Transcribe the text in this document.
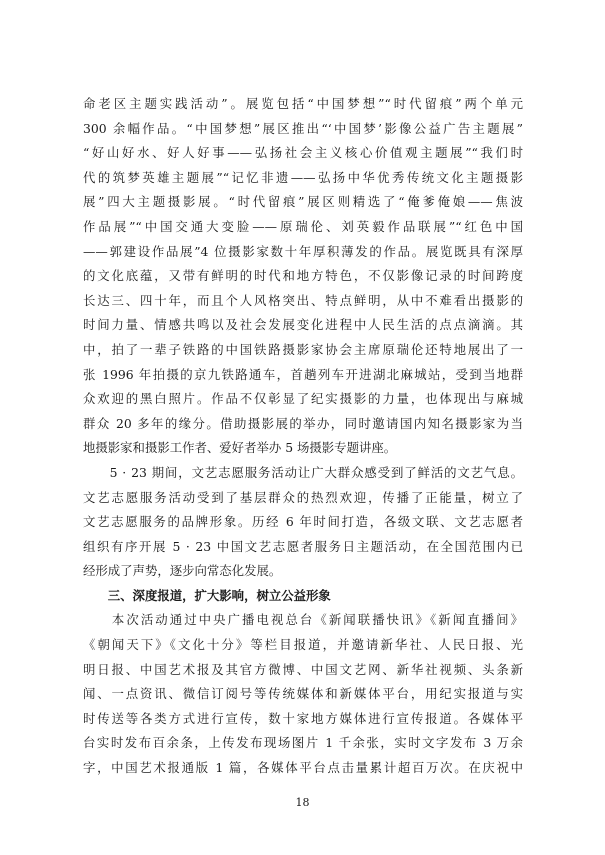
命老区主题实践活动”。展览包括“中国梦想”“时代留痕”两个单元
300 余幅作品。“中国梦想”展区推出“‘中国梦’影像公益广告主题展”
“好山好水、好人好事——弘扬社会主义核心价值观主题展”“我们时
代的筑梦英雄主题展”“记忆非遗——弘扬中华优秀传统文化主题摄影
展”四大主题摄影展。“时代留痕”展区则精选了“俺爹俺娘——焦波
作品展”“中国交通大变脸——原瑞伦、刘英毅作品联展”“红色中国
——郭建设作品展”4 位摄影家数十年厚积薄发的作品。展览既具有深厚
的文化底蕴，又带有鲜明的时代和地方特色，不仅影像记录的时间跨度
长达三、四十年，而且个人风格突出、特点鲜明，从中不难看出摄影的
时间力量、情感共鸣以及社会发展变化进程中人民生活的点点滴滴。其
中，拍了一辈子铁路的中国铁路摄影家协会主席原瑞伦还特地展出了一
张 1996 年拍摄的京九铁路通车，首趟列车开进湖北麻城站，受到当地群
众欢迎的黑白照片。作品不仅彰显了纪实摄影的力量，也体现出与麻城
群众 20 多年的缘分。借助摄影展的举办，同时邀请国内知名摄影家为当
地摄影家和摄影工作者、爱好者举办 5 场摄影专题讲座。
　　5 · 23 期间，文艺志愿服务活动让广大群众感受到了鲜活的文艺气息。
文艺志愿服务活动受到了基层群众的热烈欢迎，传播了正能量，树立了
文艺志愿服务的品牌形象。历经 6 年时间打造，各级文联、文艺志愿者
组织有序开展 5 · 23 中国文艺志愿者服务日主题活动，在全国范围内已
经形成了声势，逐步向常态化发展。
　　三、深度报道，扩大影响，树立公益形象
　　本次活动通过中央广播电视总台《新闻联播快讯》《新闻直播间》
《朝闻天下》《文化十分》等栏目报道，并邀请新华社、人民日报、光
明日报、中国艺术报及其官方微博、中国文艺网、新华社视频、头条新
闻、一点资讯、微信订阅号等传统媒体和新媒体平台，用纪实报道与实
时传送等各类方式进行宣传，数十家地方媒体进行宣传报道。各媒体平
台实时发布百余条，上传发布现场图片 1 千余张，实时文字发布 3 万余
字，中国艺术报通版 1 篇，各媒体平台点击量累计超百万次。在庆祝中
18
